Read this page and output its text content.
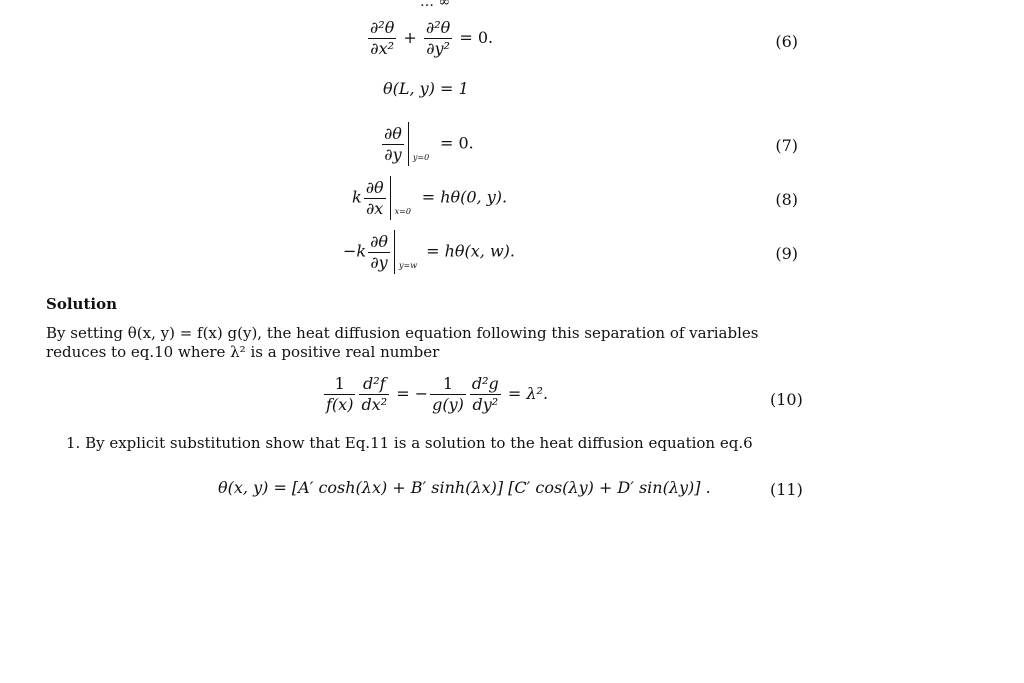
… ∞
$\frac{\text{∂²θ}}{\text{∂x²}} + \frac{\text{∂²θ}}{\text{∂y²}} = 0$.	(6)
θ(L, y) = 1
$\frac{\partial\theta}{\partial y} y=0$
= 0.	(7)
k $\frac{\partial\theta}{\partial x} x=0$
= hθ(0, y).	(8)
$-k \frac{\partial\theta}{\partial y} y=w$
= hθ(x, w).	(9)
Solution
By setting θ(x, y) = f(x) g(y), the heat diffusion equation following this separation of variables reduces to eq.10 where λ² is a positive real number
$\frac{1}{f(x)} \frac{\text{d²f}}{\text{dx²}}$ = − $\frac{1}{g(y)} \frac{\text{d²g}}{\text{dy²}} = \lambda^2$.	(10)
1. By explicit substitution show that Eq.11 is a solution to the heat diffusion equation eq.6
θ(x, y) = [A′ cosh(λx) + B′ sinh(λx)] [C′ cos(λy) + D′ sin(λy)] .	(11)
